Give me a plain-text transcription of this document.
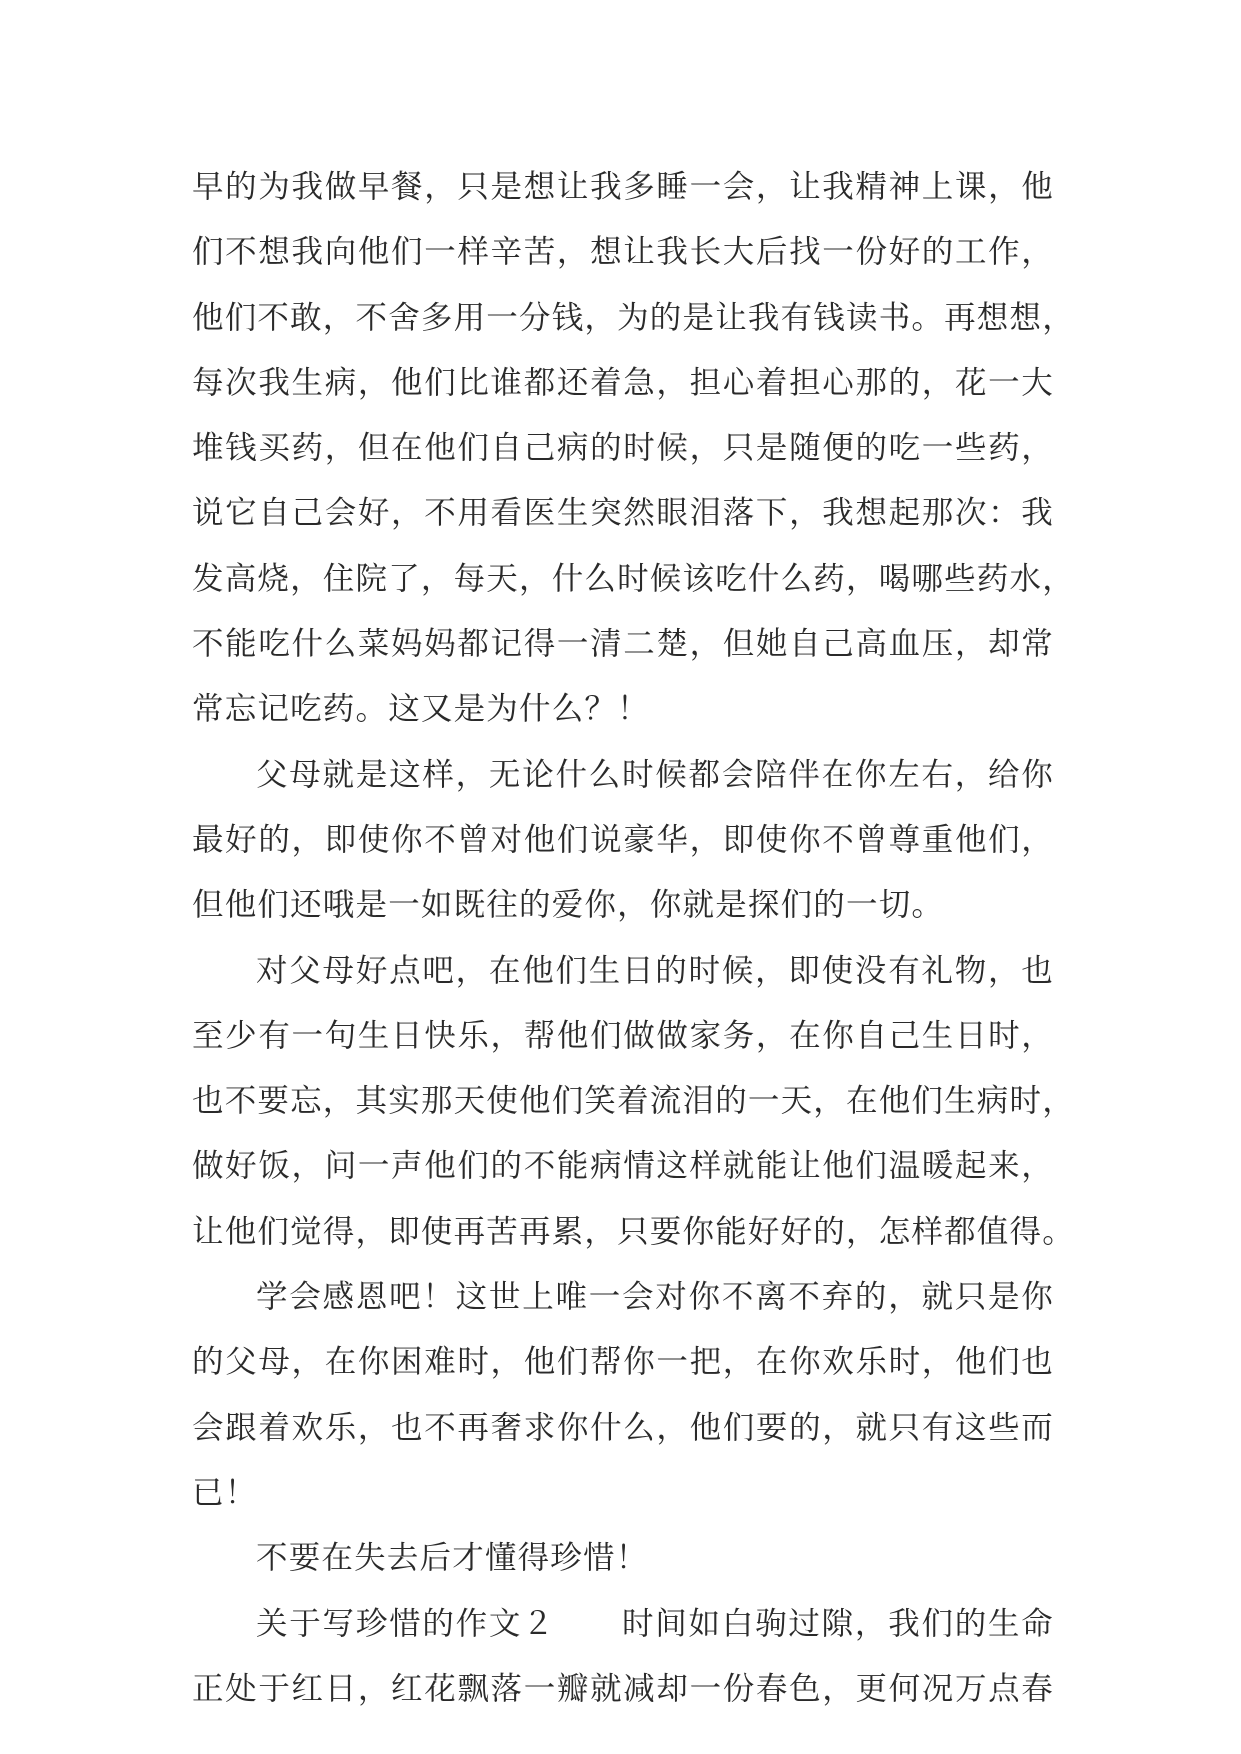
早的为我做早餐，只是想让我多睡一会，让我精神上课，他
们不想我向他们一样辛苦，想让我长大后找一份好的工作，
他们不敢，不舍多用一分钱，为的是让我有钱读书。再想想，
每次我生病，他们比谁都还着急，担心着担心那的，花一大
堆钱买药，但在他们自己病的时候，只是随便的吃一些药，
说它自己会好，不用看医生突然眼泪落下，我想起那次：我
发高烧，住院了，每天，什么时候该吃什么药，喝哪些药水，
不能吃什么菜妈妈都记得一清二楚，但她自己高血压，却常
常忘记吃药。这又是为什么？！
父母就是这样，无论什么时候都会陪伴在你左右，给你
最好的，即使你不曾对他们说豪华，即使你不曾尊重他们，
但他们还哦是一如既往的爱你，你就是探们的一切。
对父母好点吧，在他们生日的时候，即使没有礼物，也
至少有一句生日快乐，帮他们做做家务，在你自己生日时，
也不要忘，其实那天使他们笑着流泪的一天，在他们生病时，
做好饭，问一声他们的不能病情这样就能让他们温暖起来，
让他们觉得，即使再苦再累，只要你能好好的，怎样都值得。
学会感恩吧！这世上唯一会对你不离不弃的，就只是你
的父母，在你困难时，他们帮你一把，在你欢乐时，他们也
会跟着欢乐，也不再奢求你什么，他们要的，就只有这些而
已！
不要在失去后才懂得珍惜！
关于写珍惜的作文２　　时间如白驹过隙，我们的生命
正处于红日，红花飘落一瓣就减却一份春色，更何况万点春
